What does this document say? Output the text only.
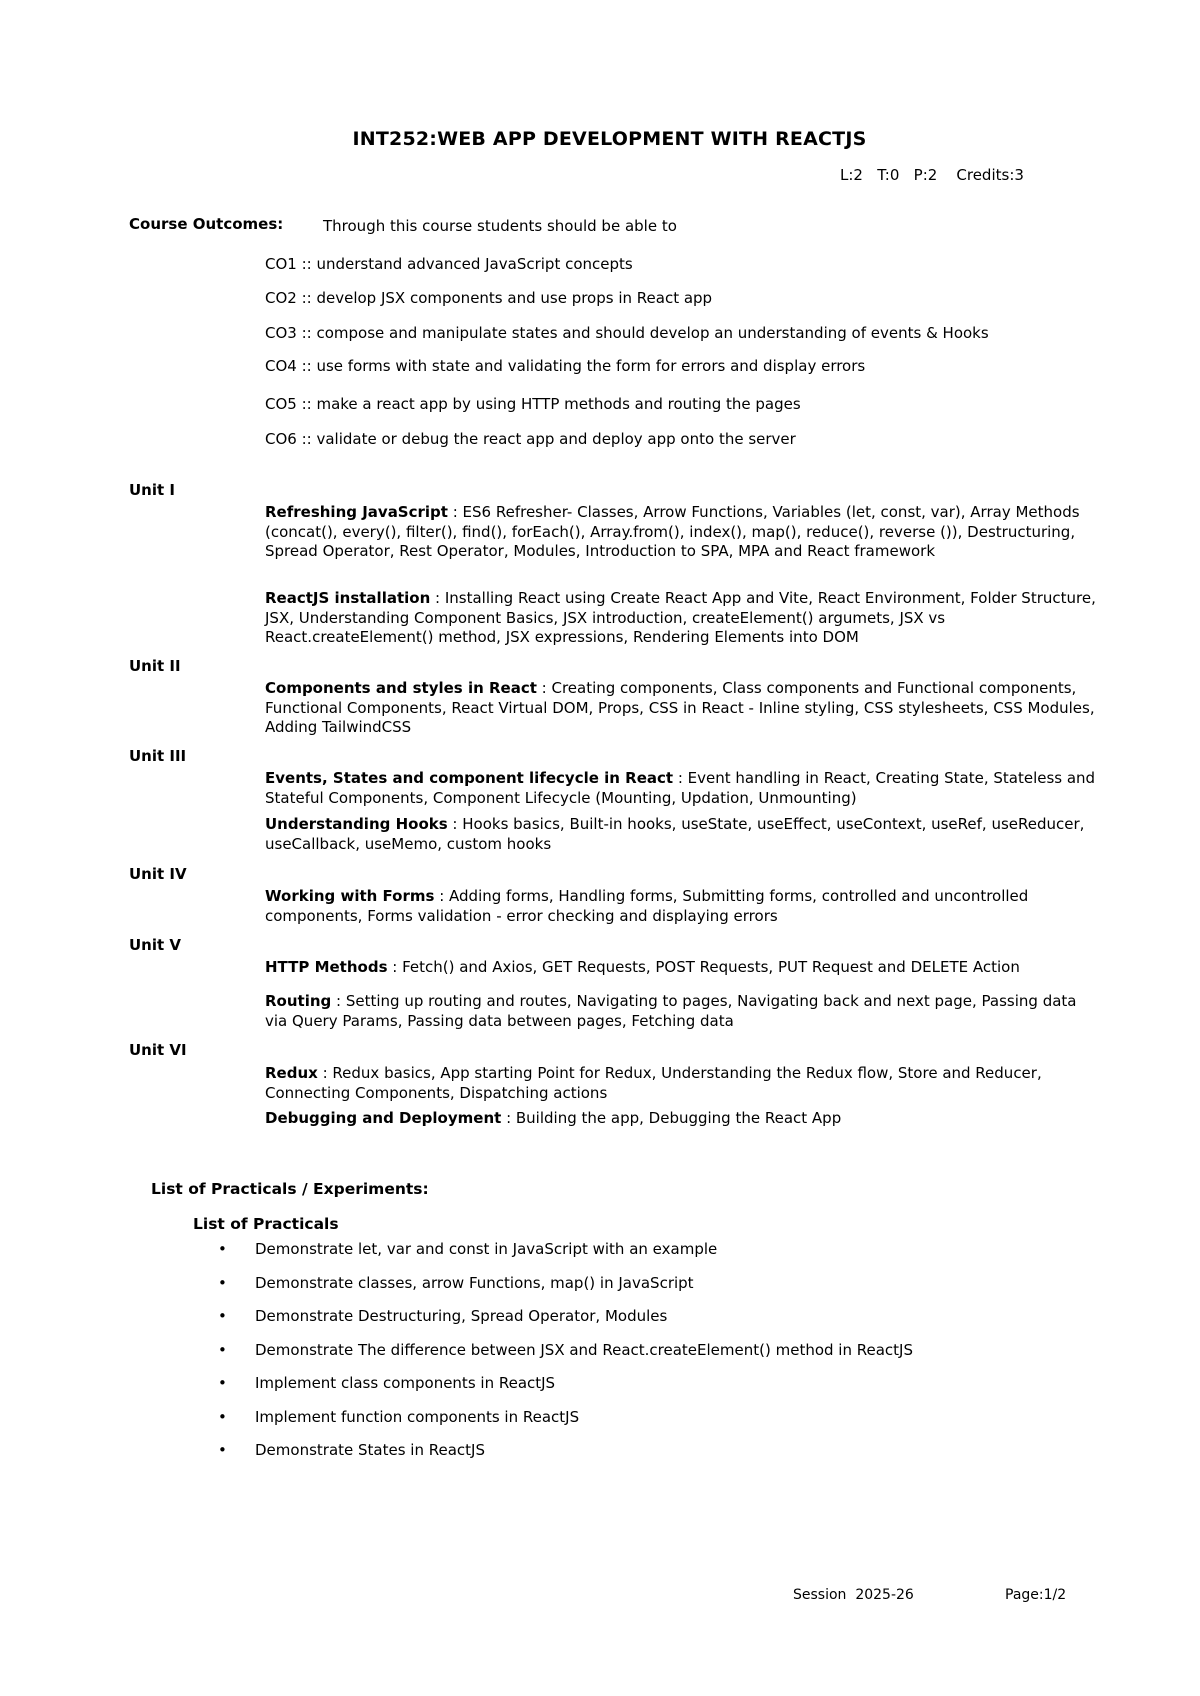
INT252:WEB APP DEVELOPMENT WITH REACTJS
L:2   T:0   P:2    Credits:3
Course Outcomes:	Through this course students should be able to
CO1 :: understand advanced JavaScript concepts
CO2 :: develop JSX components and use props in React app
CO3 :: compose and manipulate states and should develop an understanding of events & Hooks
CO4 :: use forms with state and validating the form for errors and display errors
CO5 :: make a react app by using HTTP methods and routing the pages
CO6 :: validate or debug the react app and deploy app onto the server
Unit I
Refreshing JavaScript : ES6 Refresher- Classes, Arrow Functions, Variables (let, const, var), Array Methods (concat(), every(), filter(), find(), forEach(), Array.from(), index(), map(), reduce(), reverse ()), Destructuring, Spread Operator, Rest Operator, Modules, Introduction to SPA, MPA and React framework
ReactJS installation : Installing React using Create React App and Vite, React Environment, Folder Structure, JSX, Understanding Component Basics, JSX introduction, createElement() argumets, JSX vs React.createElement() method, JSX expressions, Rendering Elements into DOM
Unit II
Components and styles in React : Creating components, Class components and Functional components, Functional Components, React Virtual DOM, Props, CSS in React - Inline styling, CSS stylesheets, CSS Modules, Adding TailwindCSS
Unit III
Events, States and component lifecycle in React : Event handling in React, Creating State, Stateless and Stateful Components, Component Lifecycle (Mounting, Updation, Unmounting)
Understanding Hooks : Hooks basics, Built-in hooks, useState, useEffect, useContext, useRef, useReducer, useCallback, useMemo, custom hooks
Unit IV
Working with Forms : Adding forms, Handling forms, Submitting forms, controlled and uncontrolled components, Forms validation - error checking and displaying errors
Unit V
HTTP Methods : Fetch() and Axios, GET Requests, POST Requests, PUT Request and DELETE Action
Routing : Setting up routing and routes, Navigating to pages, Navigating back and next page, Passing data via Query Params, Passing data between pages, Fetching data
Unit VI
Redux : Redux basics, App starting Point for Redux, Understanding the Redux flow, Store and Reducer, Connecting Components, Dispatching actions
Debugging and Deployment : Building the app, Debugging the React App
List of Practicals / Experiments:
List of Practicals
• Demonstrate let, var and const in JavaScript with an example
• Demonstrate classes, arrow Functions, map() in JavaScript
• Demonstrate Destructuring, Spread Operator, Modules
• Demonstrate The difference between JSX and React.createElement() method in ReactJS
• Implement class components in ReactJS
• Implement function components in ReactJS
• Demonstrate States in ReactJS
Session  2025-26	Page:1/2
